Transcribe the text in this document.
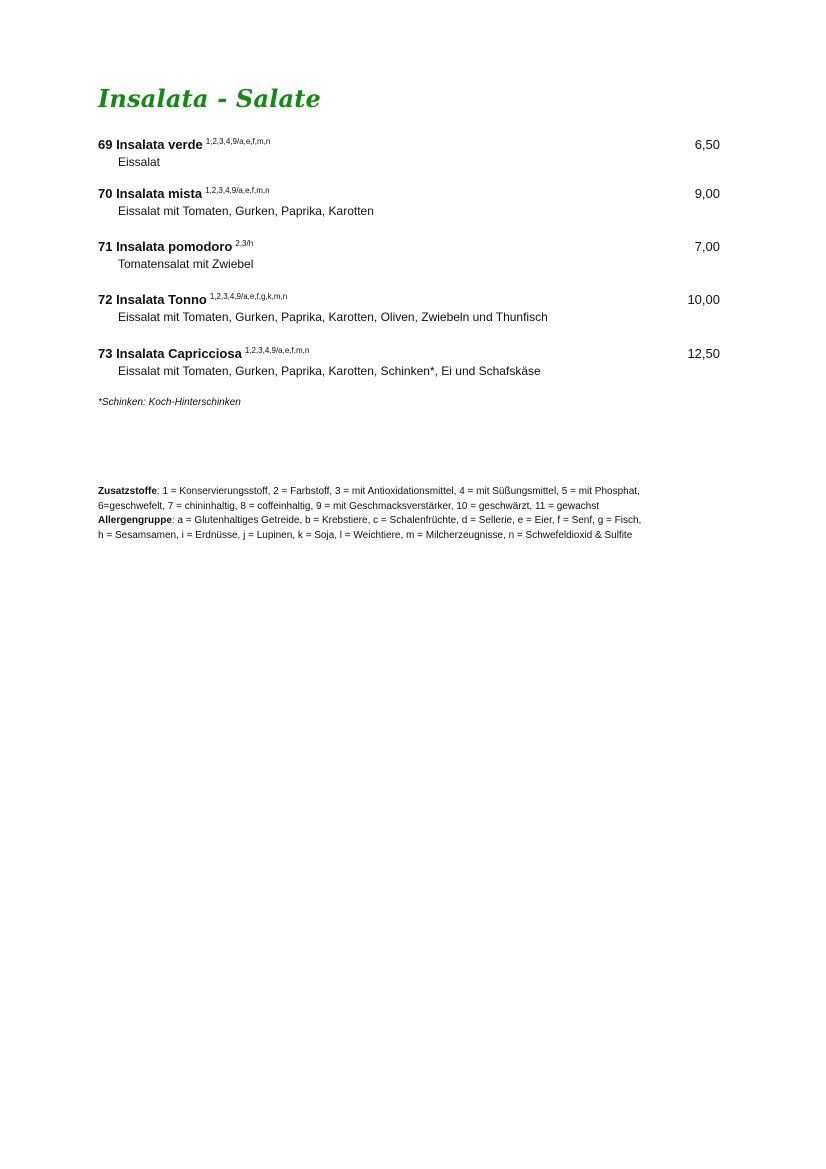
Insalata - Salate
69 Insalata verde $^{1,2,3,4,9/a,e,f,m,n}$	6,50
Eissalat
70 Insalata mista $^{1,2,3,4,9/a,e,f,m,n}$	9,00
Eissalat mit Tomaten, Gurken, Paprika, Karotten
71 Insalata pomodoro $^{2,3/h}$	7,00
Tomatensalat mit Zwiebel
72 Insalata Tonno $^{1,2,3,4,9/a,e,f,g,k,m,n}$	10,00
Eissalat mit Tomaten, Gurken, Paprika, Karotten, Oliven, Zwiebeln und Thunfisch
73 Insalata Capricciosa $^{1,2,3,4,9/a,e,f,m,n}$	12,50
Eissalat mit Tomaten, Gurken, Paprika, Karotten, Schinken*, Ei und Schafskäse
*Schinken: Koch-Hinterschinken
Zusatzstoffe: 1 = Konservierungsstoff, 2 = Farbstoff, 3 = mit Antioxidationsmittel, 4 = mit Süßungsmittel, 5 = mit Phosphat,
6=geschwefelt, 7 = chininhaltig, 8 = coffeinhaltig, 9 = mit Geschmacksverstärker, 10 = geschwärzt, 11 = gewachst
Allergengruppe: a = Glutenhaltiges Getreide, b = Krebstiere, c = Schalenfrüchte, d = Sellerie, e = Eier, f = Senf, g = Fisch,
h = Sesamsamen, i = Erdnüsse, j = Lupinen, k = Soja, l = Weichtiere, m = Milcherzeugnisse, n = Schwefeldioxid & Sulfite
